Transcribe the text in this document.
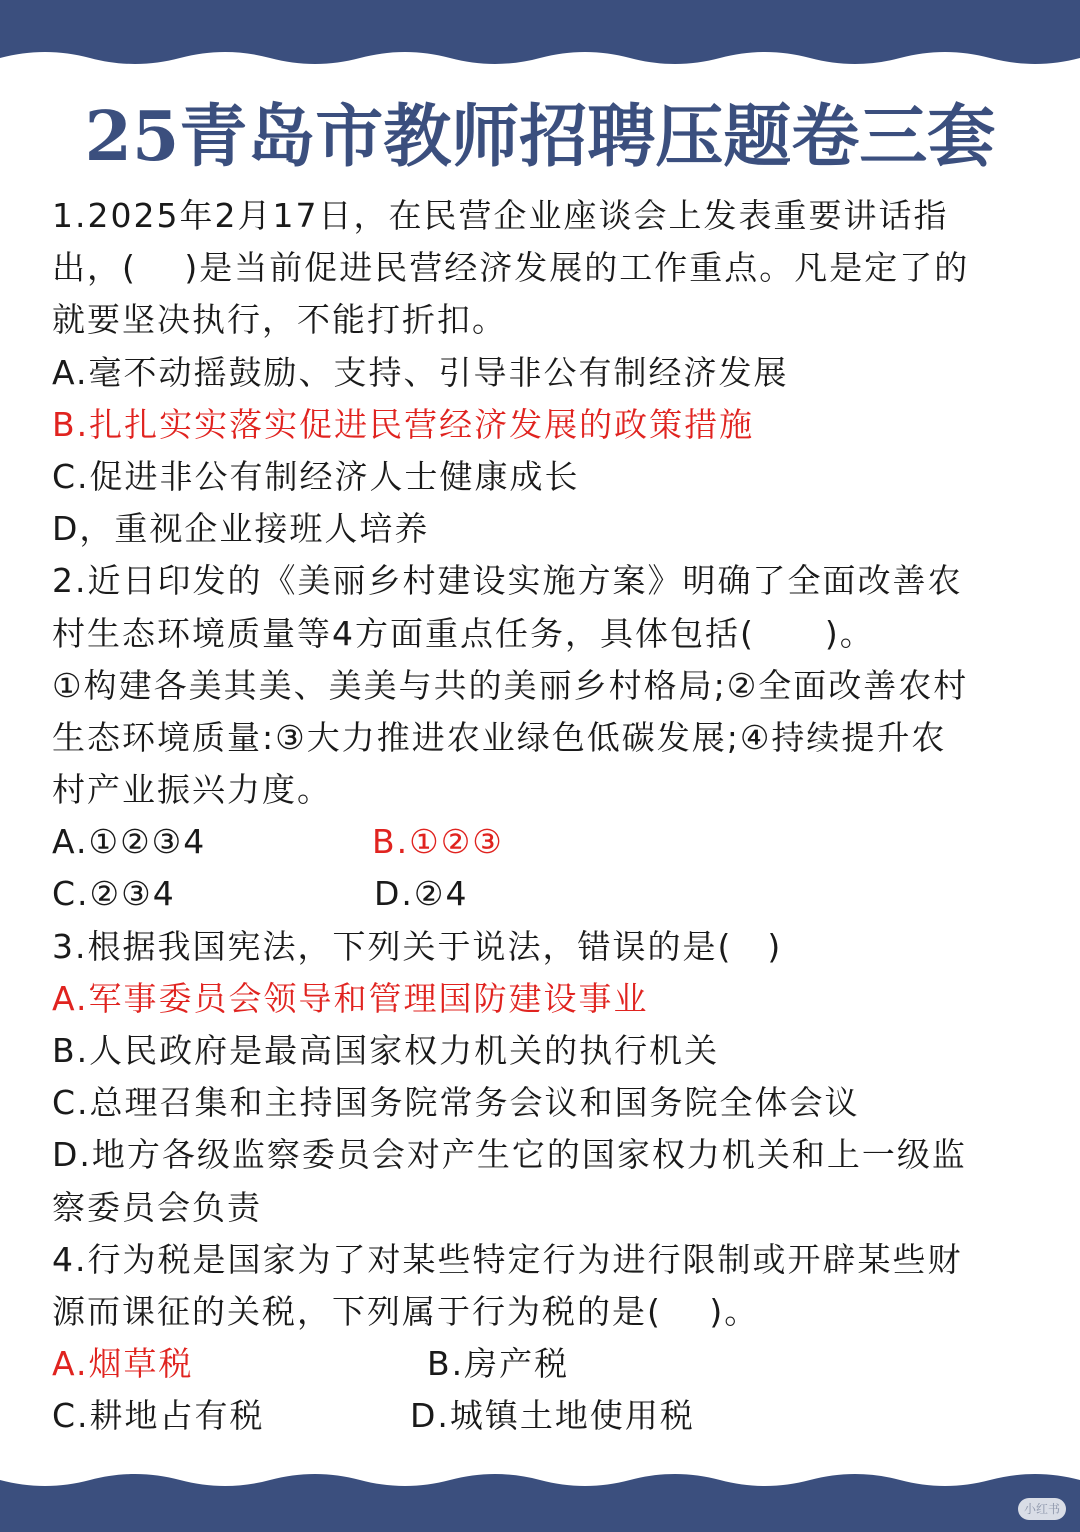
25青岛市教师招聘压题卷三套
1.2025年2月17日，在民营企业座谈会上发表重要讲话指
出，(　 )是当前促进民营经济发展的工作重点。凡是定了的
就要坚决执行，不能打折扣。
A.毫不动摇鼓励、支持、引导非公有制经济发展
B.扎扎实实落实促进民营经济发展的政策措施
C.促进非公有制经济人士健康成长
D，重视企业接班人培养
2.近日印发的《美丽乡村建设实施方案》明确了全面改善农
村生态环境质量等4方面重点任务，具体包括(　　)。
①构建各美其美、美美与共的美丽乡村格局;②全面改善农村
生态环境质量:③大力推进农业绿色低碳发展;④持续提升农
村产业振兴力度。
A.①②③4	B.①②③
C.②③4	D.②4
3.根据我国宪法，下列关于说法，错误的是(　)
A.军事委员会领导和管理国防建设事业
B.人民政府是最高国家权力机关的执行机关
C.总理召集和主持国务院常务会议和国务院全体会议
D.地方各级监察委员会对产生它的国家权力机关和上一级监
察委员会负责
4.行为税是国家为了对某些特定行为进行限制或开辟某些财
源而课征的关税，下列属于行为税的是(　 )。
A.烟草税	B.房产税
C.耕地占有税	D.城镇土地使用税
小红书
